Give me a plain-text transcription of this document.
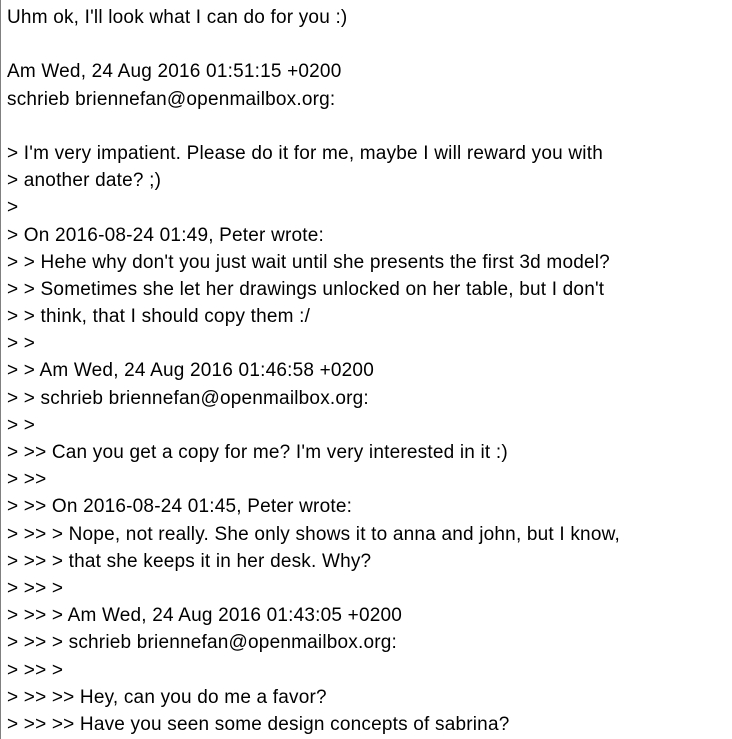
Uhm ok, I'll look what I can do for you :)
Am Wed, 24 Aug 2016 01:51:15 +0200
schrieb briennefan@openmailbox.org:
> I'm very impatient. Please do it for me, maybe I will reward you with
> another date? ;)
>
> On 2016-08-24 01:49, Peter wrote:
> > Hehe why don't you just wait until she presents the first 3d model?
> > Sometimes she let her drawings unlocked on her table, but I don't
> > think, that I should copy them :/
> >
> > Am Wed, 24 Aug 2016 01:46:58 +0200
> > schrieb briennefan@openmailbox.org:
> >
> >> Can you get a copy for me? I'm very interested in it :)
> >>
> >> On 2016-08-24 01:45, Peter wrote:
> >> > Nope, not really. She only shows it to anna and john, but I know,
> >> > that she keeps it in her desk. Why?
> >> >
> >> > Am Wed, 24 Aug 2016 01:43:05 +0200
> >> > schrieb briennefan@openmailbox.org:
> >> >
> >> >> Hey, can you do me a favor?
> >> >> Have you seen some design concepts of sabrina?
